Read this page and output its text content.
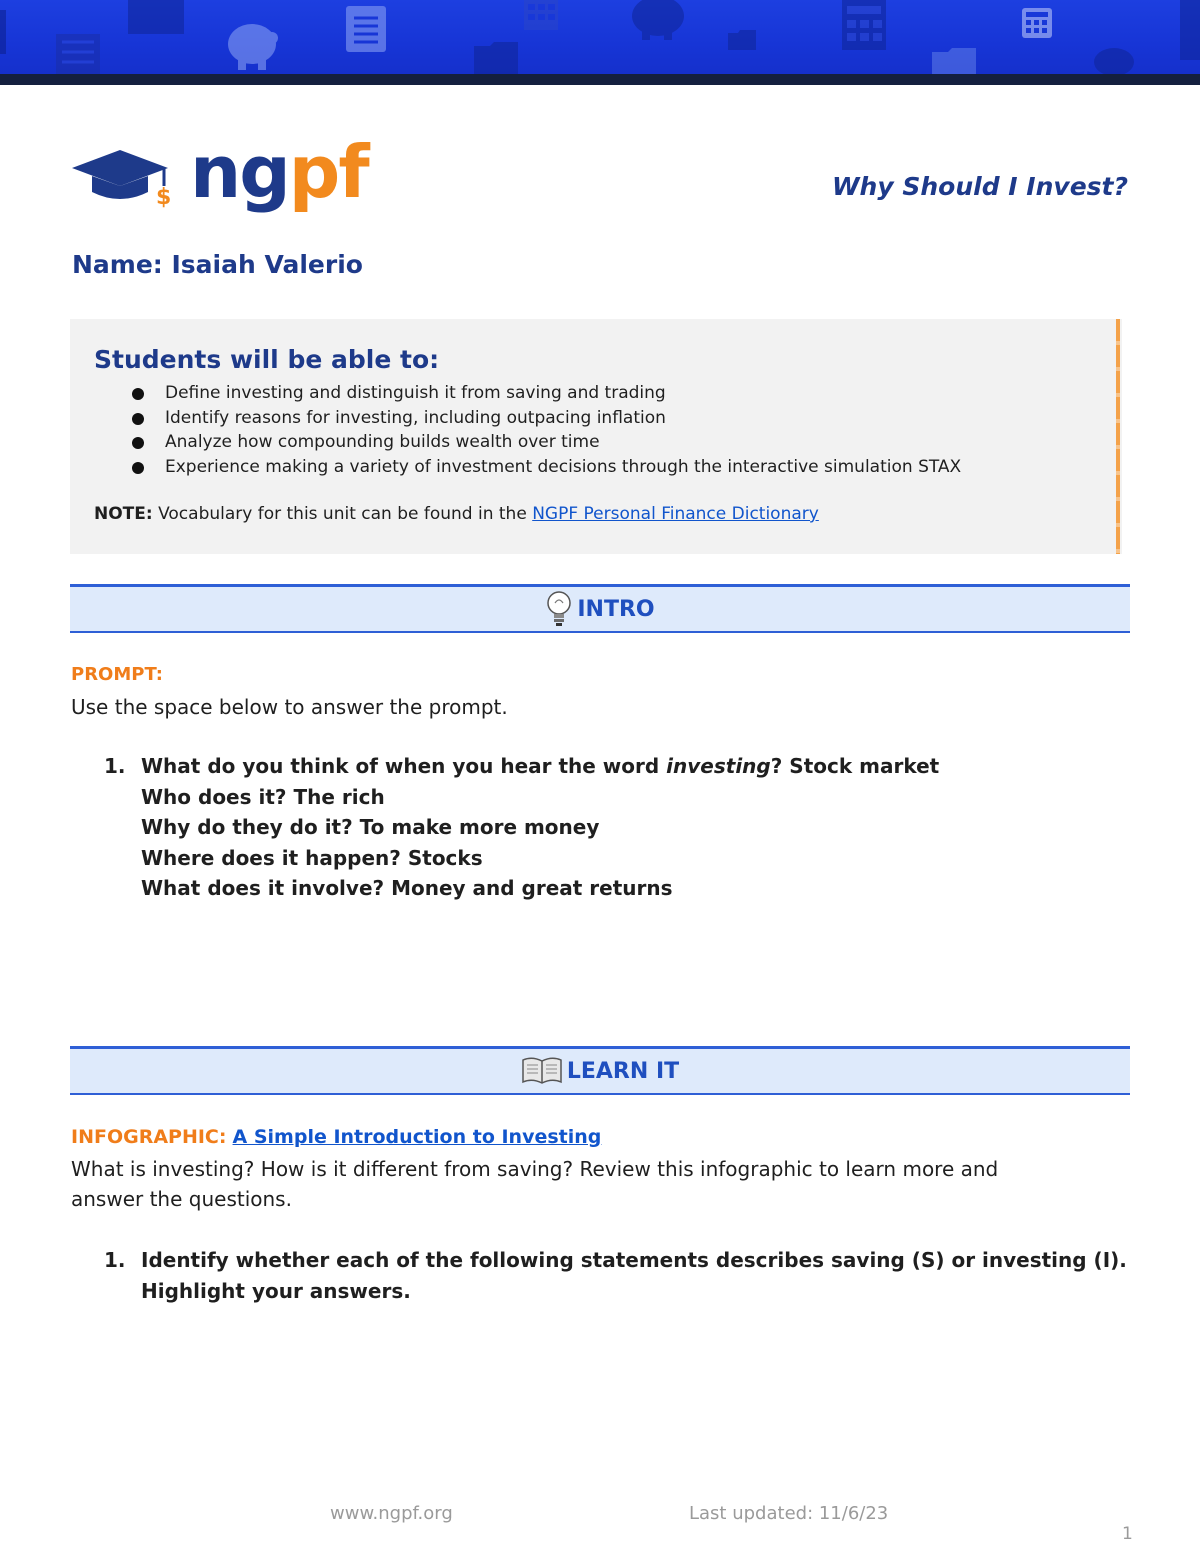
$ ngpf	Why Should I Invest?
Name: Isaiah Valerio
Students will be able to:
Define investing and distinguish it from saving and trading
Identify reasons for investing, including outpacing inflation
Analyze how compounding builds wealth over time
Experience making a variety of investment decisions through the interactive simulation STAX
NOTE: Vocabulary for this unit can be found in the NGPF Personal Finance Dictionary
INTRO
PROMPT:
Use the space below to answer the prompt.
1. What do you think of when you hear the word investing? Stock market
Who does it? The rich
Why do they do it? To make more money
Where does it happen? Stocks
What does it involve? Money and great returns
LEARN IT
INFOGRAPHIC: A Simple Introduction to Investing
What is investing? How is it different from saving? Review this infographic to learn more and
answer the questions.
1. Identify whether each of the following statements describes saving (S) or investing (I).
Highlight your answers.
www.ngpf.org	Last updated: 11/6/23
1
